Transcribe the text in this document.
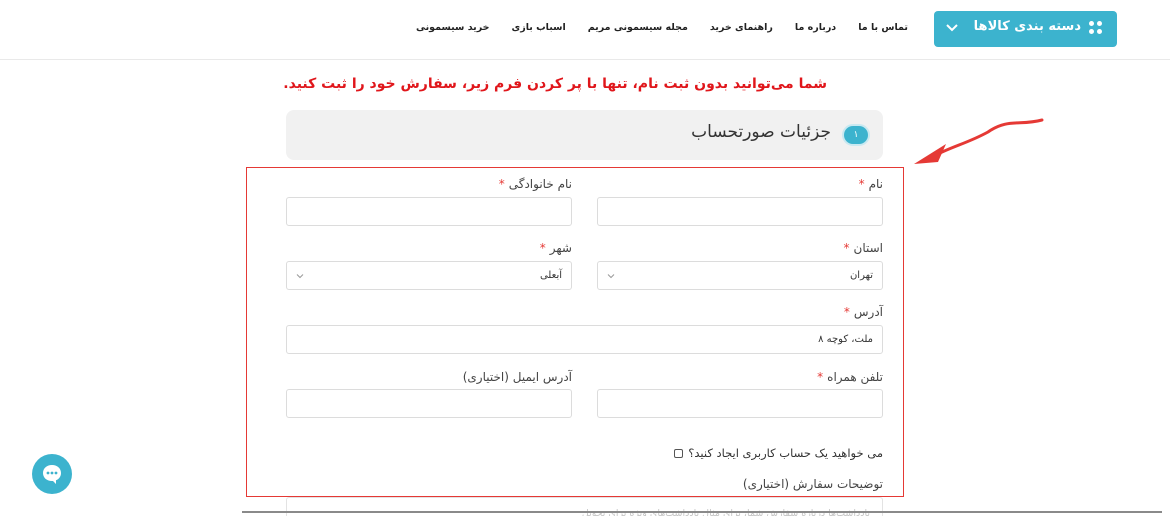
دسته بندی کالاها
خرید سیسمونی اسباب بازی مجله سیسمونی مریم راهنمای خرید درباره ما تماس با ما
شما می‌توانید بدون ثبت نام، تنها با پر کردن فرم زیر، سفارش خود را ثبت کنید.
۱
جزئیات صورتحساب
نام*
نام خانوادگی*
استان*
شهر*
تهران
آبعلی
آدرس*
ملت، کوچه ۸
تلفن همراه*
آدرس ایمیل (اختیاری)
می خواهید یک حساب کاربری ایجاد کنید؟
توضیحات سفارش (اختیاری)
